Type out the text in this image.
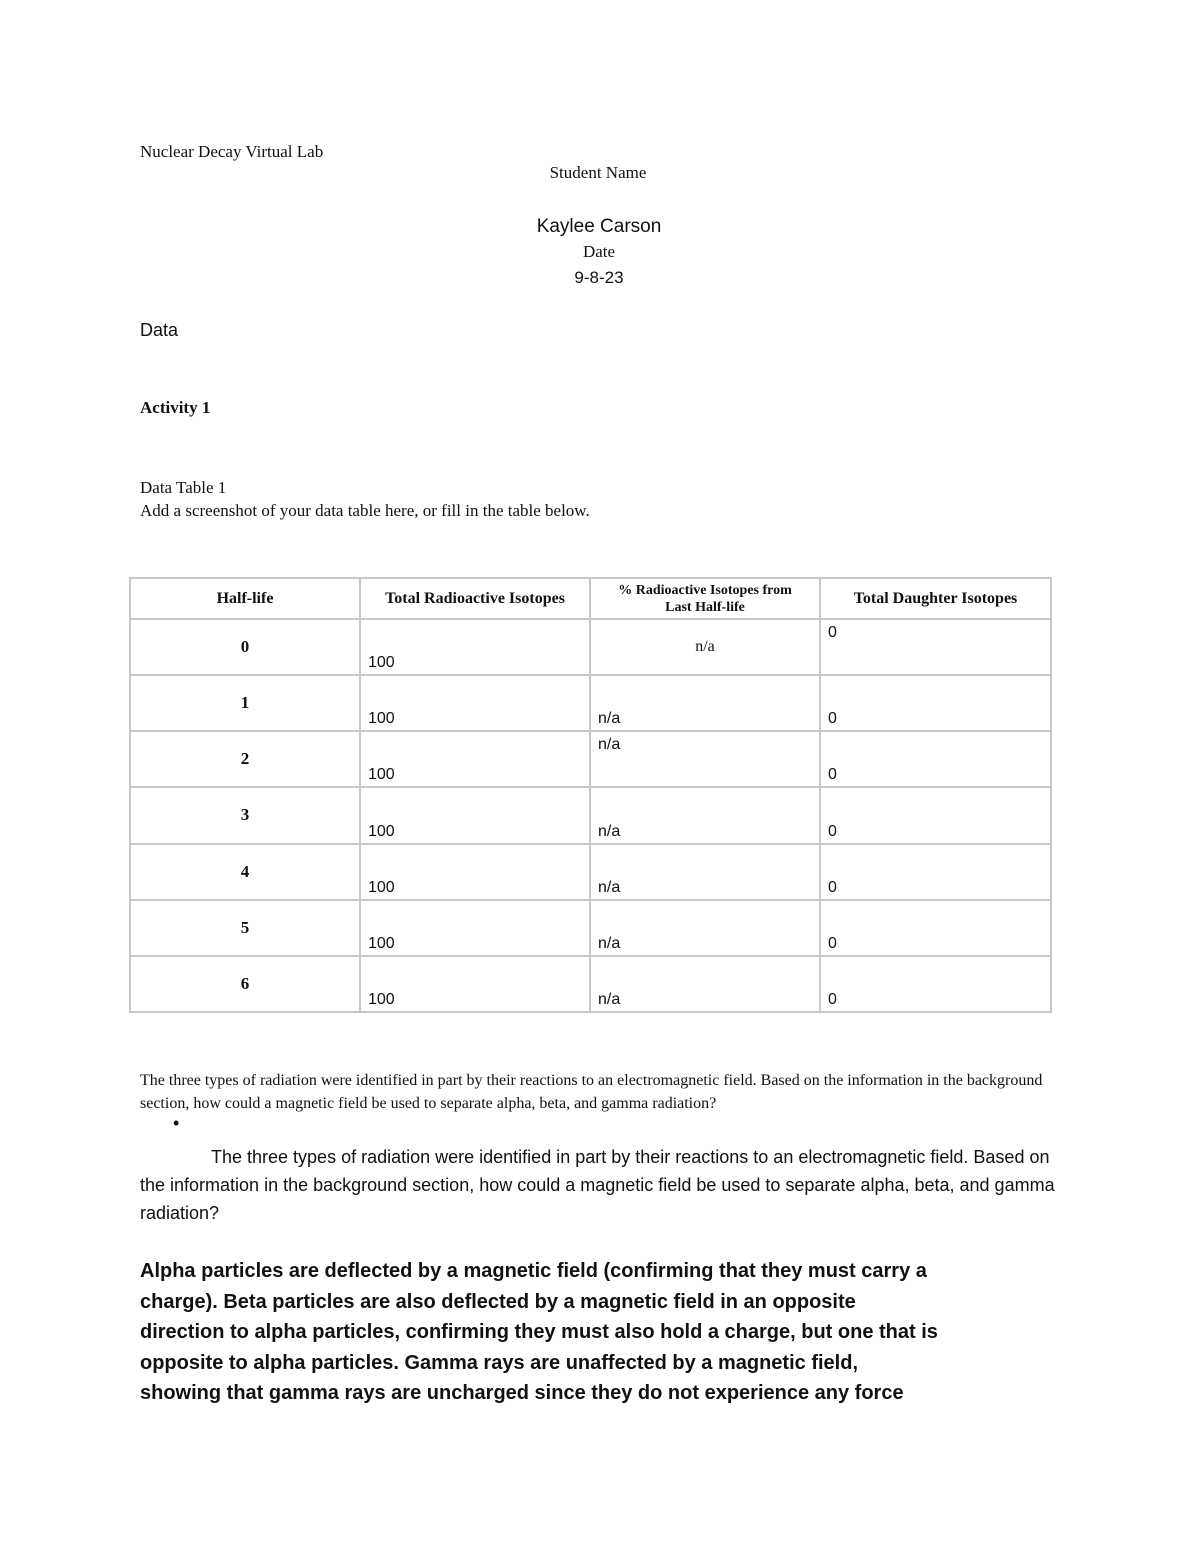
Nuclear Decay Virtual Lab
Student Name
Kaylee Carson
Date
9-8-23
Data
Activity 1
Data Table 1
Add a screenshot of your data table here, or fill in the table below.
Half-life	Total Radioactive Isotopes	% Radioactive Isotopes from Last Half-life	Total Daughter Isotopes

0	100	n/a	0

1	100	n/a	0

2	100	n/a	0

3	100	n/a	0

4	100	n/a	0

5	100	n/a	0

6	100	n/a	0
The three types of radiation were identified in part by their reactions to an electromagnetic field. Based on the information in the background section, how could a magnetic field be used to separate alpha, beta, and gamma radiation?
•
The three types of radiation were identified in part by their reactions to an electromagnetic field. Based on the information in the background section, how could a magnetic field be used to separate alpha, beta, and gamma radiation?
Alpha particles are deflected by a magnetic field (confirming that they must carry a charge). Beta particles are also deflected by a magnetic field in an opposite direction to alpha particles, confirming they must also hold a charge, but one that is opposite to alpha particles. Gamma rays are unaffected by a magnetic field, showing that gamma rays are uncharged since they do not experience any force
